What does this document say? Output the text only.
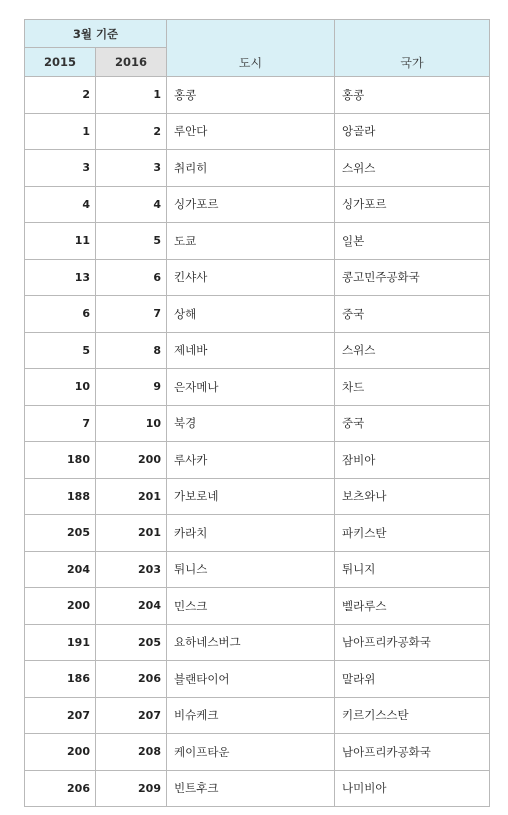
3월 기준		도시	국가
2015	2016		
2	1	홍콩	홍콩
1	2	루안다	앙골라
3	3	취리히	스위스
4	4	싱가포르	싱가포르
11	5	도쿄	일본
13	6	킨샤사	콩고민주공화국
6	7	상해	중국
5	8	제네바	스위스
10	9	은자메나	차드
7	10	북경	중국
180	200	루사카	잠비아
188	201	가보로네	보츠와나
205	201	카라치	파키스탄
204	203	튀니스	튀니지
200	204	민스크	벨라루스
191	205	요하네스버그	남아프리카공화국
186	206	블랜타이어	말라위
207	207	비슈케크	키르기스스탄
200	208	케이프타운	남아프리카공화국
206	209	빈트후크	나미비아
